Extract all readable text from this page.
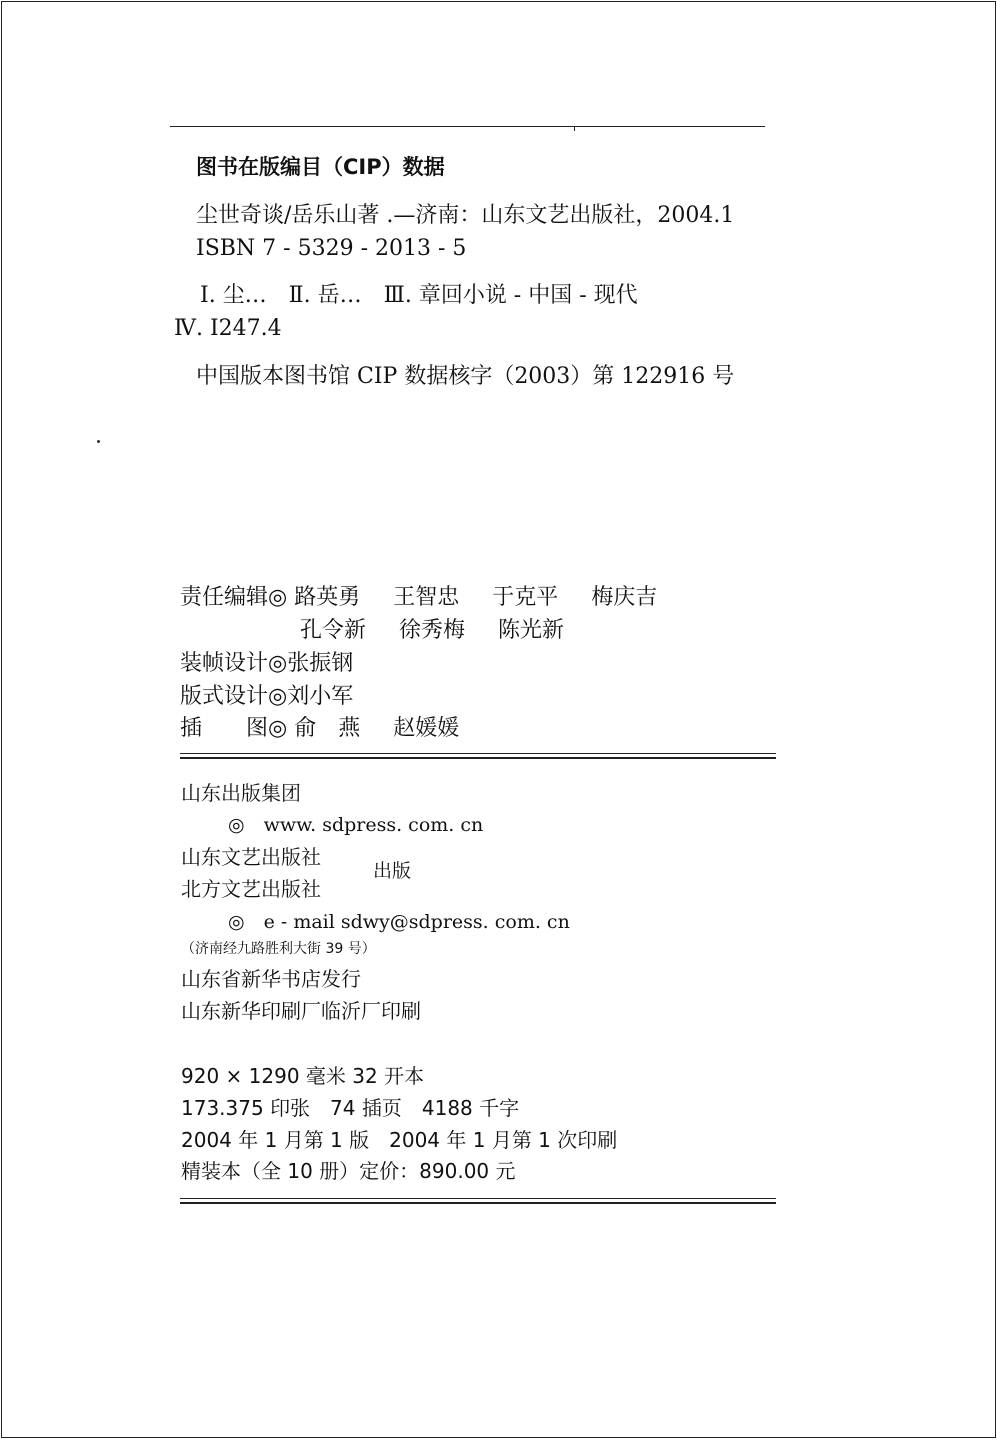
图书在版编目（CIP）数据
尘世奇谈/岳乐山著 .—济南：山东文艺出版社，2004.1
ISBN 7 - 5329 - 2013 - 5
Ⅰ. 尘…　Ⅱ. 岳…　Ⅲ. 章回小说 - 中国 - 现代
Ⅳ. I247.4
中国版本图书馆 CIP 数据核字（2003）第 122916 号
责任编辑◎ 路英勇 王智忠 于克平 梅庆吉
孔令新 徐秀梅 陈光新
装帧设计◎张振钢
版式设计◎刘小军
插　　图◎ 俞　燕 赵媛媛
山东出版集团
◎　www. sdpress. com. cn
山东文艺出版社
北方文艺出版社
出版
◎　e - mail sdwy@sdpress. com. cn
（济南经九路胜利大街 39 号）
山东省新华书店发行
山东新华印刷厂临沂厂印刷
920 × 1290 毫米 32 开本
173.375 印张　74 插页　4188 千字
2004 年 1 月第 1 版　2004 年 1 月第 1 次印刷
精装本（全 10 册）定价：890.00 元
